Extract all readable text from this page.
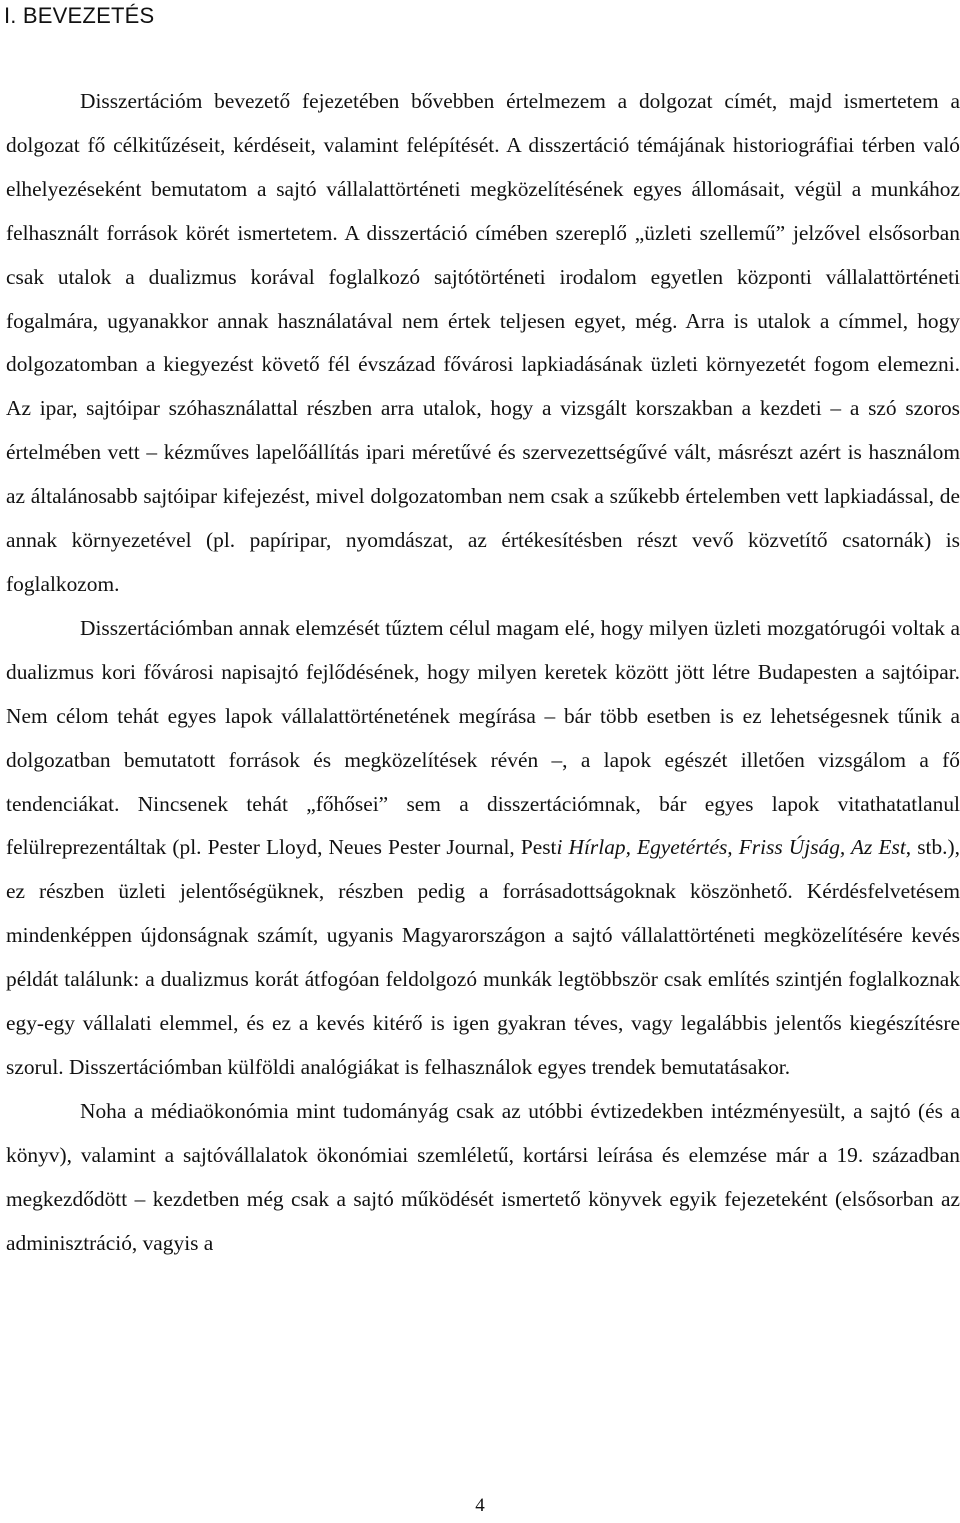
I. BEVEZETÉS

Disszertációm bevezető fejezetében bővebben értelmezem a dolgozat címét, majd ismertetem a dolgozat fő célkitűzéseit, kérdéseit, valamint felépítését. A disszertáció témájának historiográfiai térben való elhelyezéseként bemutatom a sajtó vállalattörténeti megközelítésének egyes állomásait, végül a munkához felhasznált források körét ismertetem. A disszertáció címében szereplő „üzleti szellemű” jelzővel elsősorban csak utalok a dualizmus korával foglalkozó sajtótörténeti irodalom egyetlen központi vállalattörténeti fogalmára, ugyanakkor annak használatával nem értek teljesen egyet, még. Arra is utalok a címmel, hogy dolgozatomban a kiegyezést követő fél évszázad fővárosi lapkiadásának üzleti környezetét fogom elemezni. Az ipar, sajtóipar szóhasználattal részben arra utalok, hogy a vizsgált korszakban a kezdeti – a szó szoros értelmében vett – kézműves lapelőállítás ipari méretűvé és szervezettségűvé vált, másrészt azért is használom az általánosabb sajtóipar kifejezést, mivel dolgozatomban nem csak a szűkebb értelemben vett lapkiadással, de annak környezetével (pl. papíripar, nyomdászat, az értékesítésben részt vevő közvetítő csatornák) is foglalkozom.

Disszertációmban annak elemzését tűztem célul magam elé, hogy milyen üzleti mozgatórugói voltak a dualizmus kori fővárosi napisajtó fejlődésének, hogy milyen keretek között jött létre Budapesten a sajtóipar. Nem célom tehát egyes lapok vállalattörténetének megírása – bár több esetben is ez lehetségesnek tűnik a dolgozatban bemutatott források és megközelítések révén –, a lapok egészét illetően vizsgálom a fő tendenciákat. Nincsenek tehát „főhősei” sem a disszertációmnak, bár egyes lapok vitathatatlanul felülreprezentáltak (pl. Pester Lloyd, Neues Pester Journal, Pesti Hírlap, Egyetértés, Friss Újság, Az Est, stb.), ez részben üzleti jelentőségüknek, részben pedig a forrásadottságoknak köszönhető. Kérdésfelvetésem mindenképpen újdonságnak számít, ugyanis Magyarországon a sajtó vállalattörténeti megközelítésére kevés példát találunk: a dualizmus korát átfogóan feldolgozó munkák legtöbbször csak említés szintjén foglalkoznak egy-egy vállalati elemmel, és ez a kevés kitérő is igen gyakran téves, vagy legalábbis jelentős kiegészítésre szorul. Disszertációmban külföldi analógiákat is felhasználok egyes trendek bemutatásakor.

Noha a médiaökonómia mint tudományág csak az utóbbi évtizedekben intézményesült, a sajtó (és a könyv), valamint a sajtóvállalatok ökonómiai szemléletű, kortársi leírása és elemzése már a 19. században megkezdődött – kezdetben még csak a sajtó működését ismertető könyvek egyik fejezeteként (elsősorban az adminisztráció, vagyis a

4
